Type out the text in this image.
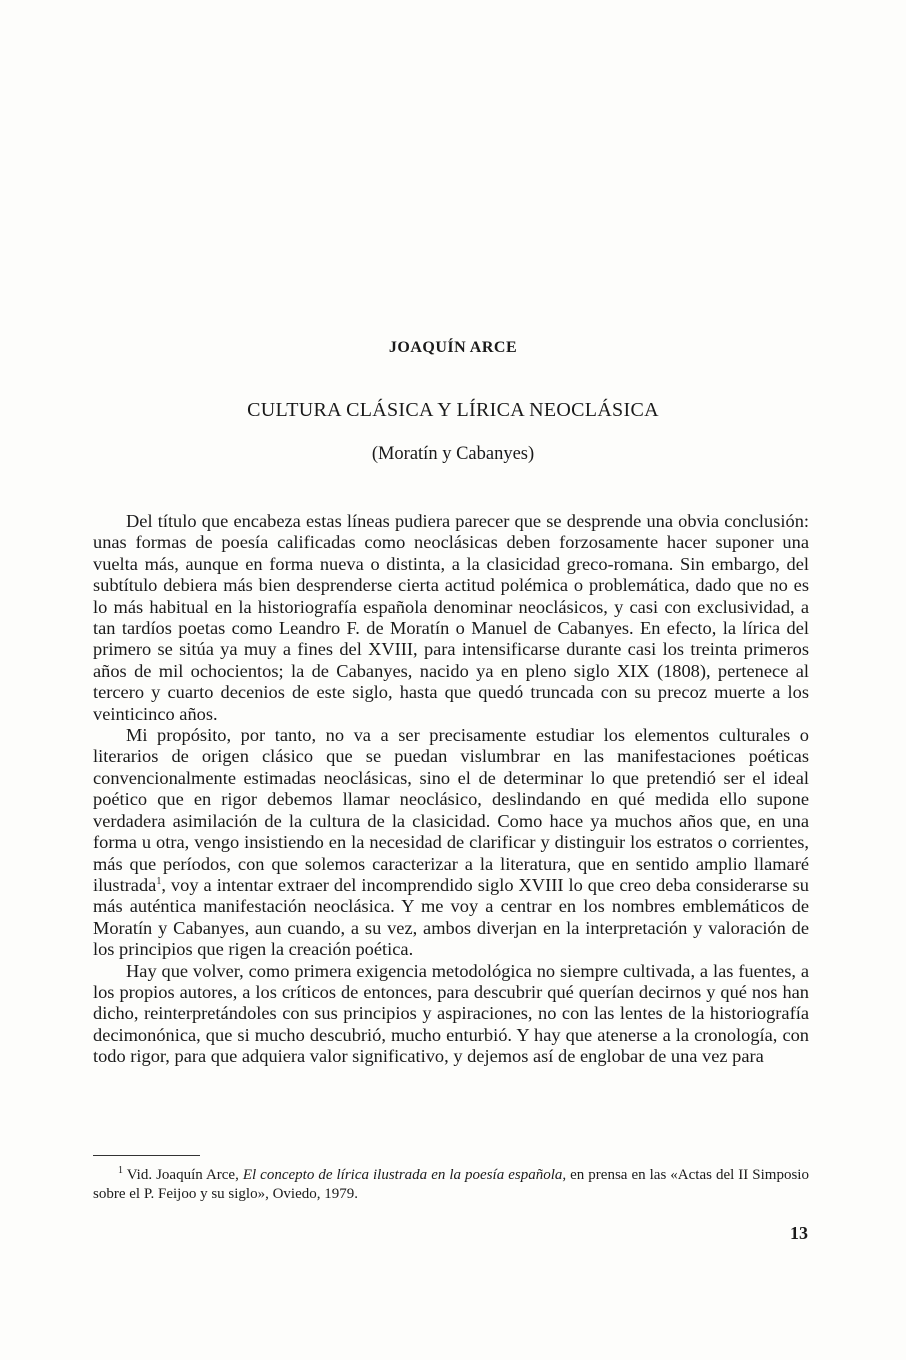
JOAQUÍN ARCE
CULTURA CLÁSICA Y LÍRICA NEOCLÁSICA
(Moratín y Cabanyes)

Del título que encabeza estas líneas pudiera parecer que se desprende una obvia conclusión: unas formas de poesía calificadas como neoclásicas deben forzosamente hacer suponer una vuelta más, aunque en forma nueva o distinta, a la clasicidad greco-romana. Sin embargo, del subtítulo debiera más bien desprenderse cierta actitud polémica o problemática, dado que no es lo más habitual en la historiografía española denominar neoclásicos, y casi con exclusividad, a tan tardíos poetas como Leandro F. de Moratín o Manuel de Cabanyes. En efecto, la lírica del primero se sitúa ya muy a fines del XVIII, para intensificarse durante casi los treinta primeros años de mil ochocientos; la de Cabanyes, nacido ya en pleno siglo XIX (1808), pertenece al tercero y cuarto decenios de este siglo, hasta que quedó truncada con su precoz muerte a los veinticinco años.

Mi propósito, por tanto, no va a ser precisamente estudiar los elementos culturales o literarios de origen clásico que se puedan vislumbrar en las manifestaciones poéticas convencionalmente estimadas neoclásicas, sino el de determinar lo que pretendió ser el ideal poético que en rigor debemos llamar neoclásico, deslindando en qué medida ello supone verdadera asimilación de la cultura de la clasicidad. Como hace ya muchos años que, en una forma u otra, vengo insistiendo en la necesidad de clarificar y distinguir los estratos o corrientes, más que períodos, con que solemos caracterizar a la literatura, que en sentido amplio llamaré ilustrada$^1$, voy a intentar extraer del incomprendido siglo XVIII lo que creo deba considerarse su más auténtica manifestación neoclásica. Y me voy a centrar en los nombres emblemáticos de Moratín y Cabanyes, aun cuando, a su vez, ambos diverjan en la interpretación y valoración de los principios que rigen la creación poética.

Hay que volver, como primera exigencia metodológica no siempre cultivada, a las fuentes, a los propios autores, a los críticos de entonces, para descubrir qué querían decirnos y qué nos han dicho, reinterpretándoles con sus principios y aspiraciones, no con las lentes de la historiografía decimonónica, que si mucho descubrió, mucho enturbió. Y hay que atenerse a la cronología, con todo rigor, para que adquiera valor significativo, y dejemos así de englobar de una vez para

$^1$ Vid. Joaquín Arce, El concepto de lírica ilustrada en la poesía española, en prensa en las «Actas del II Simposio sobre el P. Feijoo y su siglo», Oviedo, 1979.
13
